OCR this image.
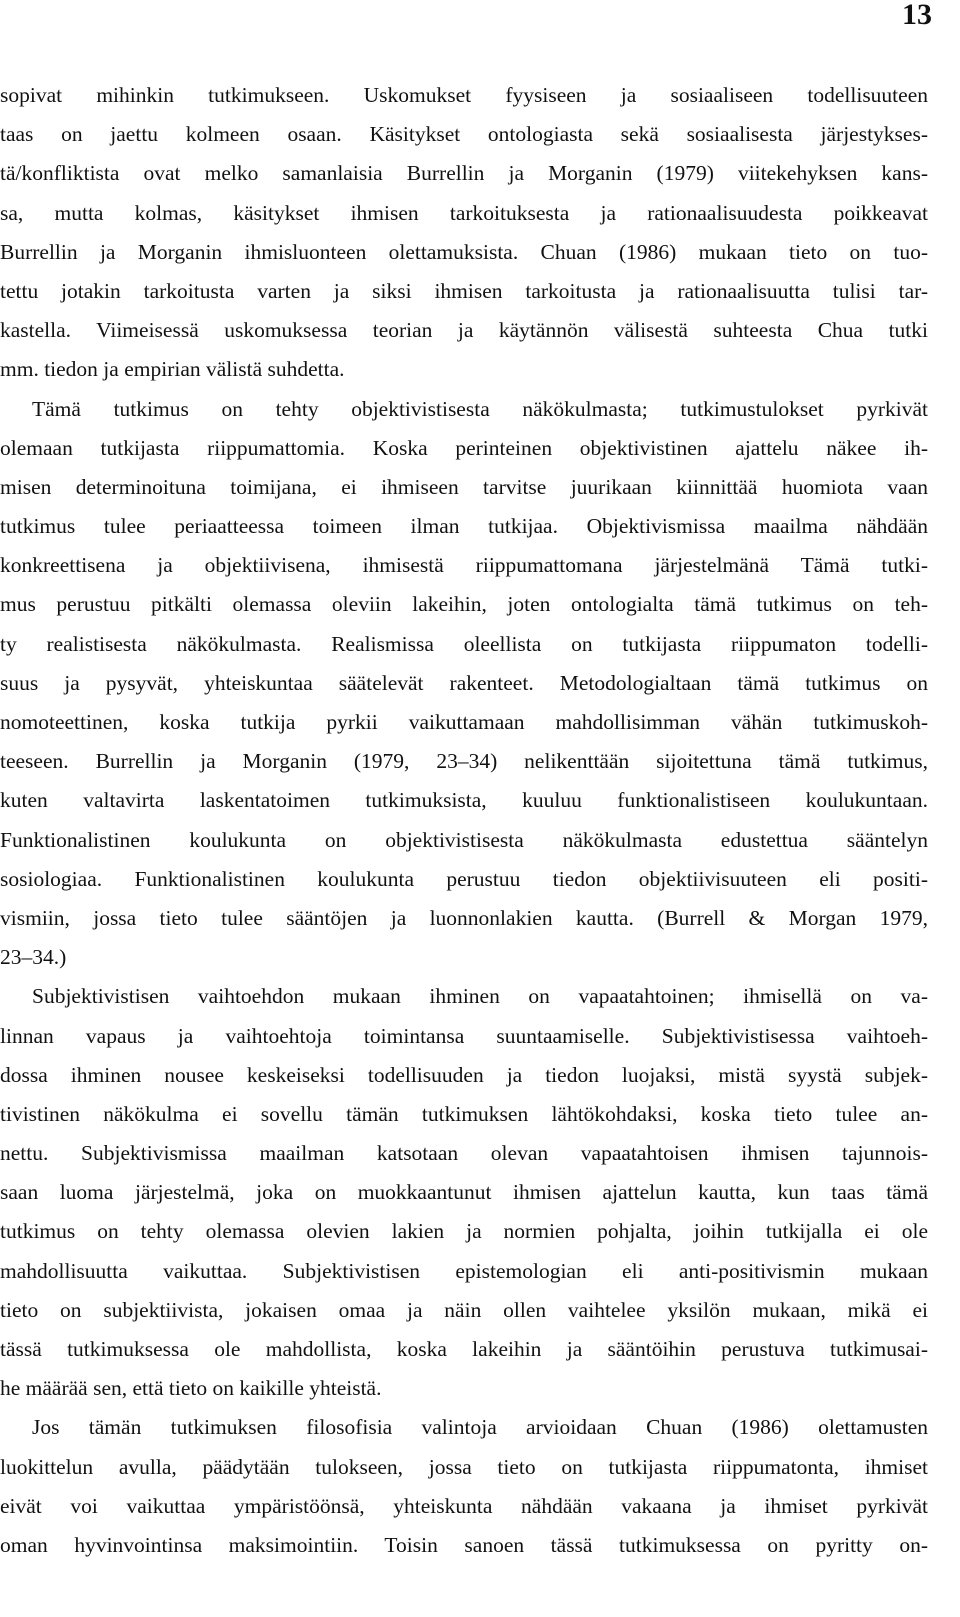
13
sopivat mihinkin tutkimukseen. Uskomukset fyysiseen ja sosiaaliseen todellisuuteen
taas on jaettu kolmeen osaan. Käsitykset ontologiasta sekä sosiaalisesta järjestykses-
tä/konfliktista ovat melko samanlaisia Burrellin ja Morganin (1979) viitekehyksen kans-
sa, mutta kolmas, käsitykset ihmisen tarkoituksesta ja rationaalisuudesta poikkeavat
Burrellin ja Morganin ihmisluonteen olettamuksista. Chuan (1986) mukaan tieto on tuo-
tettu jotakin tarkoitusta varten ja siksi ihmisen tarkoitusta ja rationaalisuutta tulisi tar-
kastella. Viimeisessä uskomuksessa teorian ja käytännön välisestä suhteesta Chua tutki
mm. tiedon ja empirian välistä suhdetta.
Tämä tutkimus on tehty objektivistisesta näkökulmasta; tutkimustulokset pyrkivät
olemaan tutkijasta riippumattomia. Koska perinteinen objektivistinen ajattelu näkee ih-
misen determinoituna toimijana, ei ihmiseen tarvitse juurikaan kiinnittää huomiota vaan
tutkimus tulee periaatteessa toimeen ilman tutkijaa. Objektivismissa maailma nähdään
konkreettisena ja objektiivisena, ihmisestä riippumattomana järjestelmänä Tämä tutki-
mus perustuu pitkälti olemassa oleviin lakeihin, joten ontologialta tämä tutkimus on teh-
ty realistisesta näkökulmasta. Realismissa oleellista on tutkijasta riippumaton todelli-
suus ja pysyvät, yhteiskuntaa säätelevät rakenteet. Metodologialtaan tämä tutkimus on
nomoteettinen, koska tutkija pyrkii vaikuttamaan mahdollisimman vähän tutkimuskoh-
teeseen. Burrellin ja Morganin (1979, 23–34) nelikenttään sijoitettuna tämä tutkimus,
kuten valtavirta laskentatoimen tutkimuksista, kuuluu funktionalistiseen koulukuntaan.
Funktionalistinen koulukunta on objektivistisesta näkökulmasta edustettua sääntelyn
sosiologiaa. Funktionalistinen koulukunta perustuu tiedon objektiivisuuteen eli positi-
vismiin, jossa tieto tulee sääntöjen ja luonnonlakien kautta. (Burrell & Morgan 1979,
23–34.)
Subjektivistisen vaihtoehdon mukaan ihminen on vapaatahtoinen; ihmisellä on va-
linnan vapaus ja vaihtoehtoja toimintansa suuntaamiselle. Subjektivistisessa vaihtoeh-
dossa ihminen nousee keskeiseksi todellisuuden ja tiedon luojaksi, mistä syystä subjek-
tivistinen näkökulma ei sovellu tämän tutkimuksen lähtökohdaksi, koska tieto tulee an-
nettu. Subjektivismissa maailman katsotaan olevan vapaatahtoisen ihmisen tajunnois-
saan luoma järjestelmä, joka on muokkaantunut ihmisen ajattelun kautta, kun taas tämä
tutkimus on tehty olemassa olevien lakien ja normien pohjalta, joihin tutkijalla ei ole
mahdollisuutta vaikuttaa. Subjektivistisen epistemologian eli anti-positivismin mukaan
tieto on subjektiivista, jokaisen omaa ja näin ollen vaihtelee yksilön mukaan, mikä ei
tässä tutkimuksessa ole mahdollista, koska lakeihin ja sääntöihin perustuva tutkimusai-
he määrää sen, että tieto on kaikille yhteistä.
Jos tämän tutkimuksen filosofisia valintoja arvioidaan Chuan (1986) olettamusten
luokittelun avulla, päädytään tulokseen, jossa tieto on tutkijasta riippumatonta, ihmiset
eivät voi vaikuttaa ympäristöönsä, yhteiskunta nähdään vakaana ja ihmiset pyrkivät
oman hyvinvointinsa maksimointiin. Toisin sanoen tässä tutkimuksessa on pyritty on-
